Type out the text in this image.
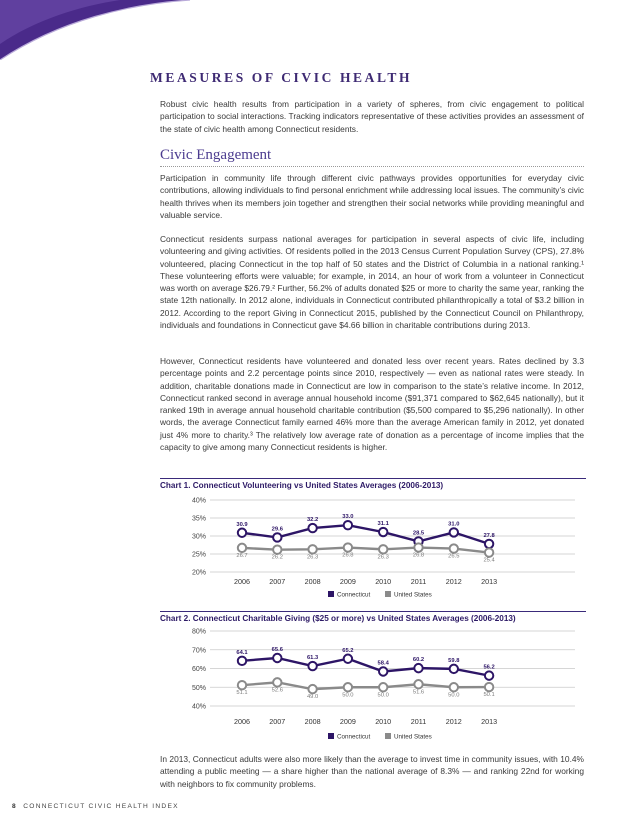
MEASURES OF CIVIC HEALTH

Robust civic health results from participation in a variety of spheres, from civic engagement to political participation to social interactions. Tracking indicators representative of these activities provides an assessment of the state of civic health among Connecticut residents.

Civic Engagement

Participation in community life through different civic pathways provides opportunities for everyday civic contributions, allowing individuals to find personal enrichment while addressing local issues. The community’s civic health thrives when its members join together and strengthen their social networks while providing meaningful and valuable service.

Connecticut residents surpass national averages for participation in several aspects of civic life, including volunteering and giving activities. Of residents polled in the 2013 Census Current Population Survey (CPS), 27.8% volunteered, placing Connecticut in the top half of 50 states and the District of Columbia in a national ranking.¹ These volunteering efforts were valuable; for example, in 2014, an hour of work from a volunteer in Connecticut was worth on average $26.79.² Further, 56.2% of adults donated $25 or more to charity the same year, ranking the state 12th nationally. In 2012 alone, individuals in Connecticut contributed philanthropically a total of $3.2 billion in 2012. According to the report Giving in Connecticut 2015, published by the Connecticut Council on Philanthropy, individuals and foundations in Connecticut gave $4.66 billion in charitable contributions during 2013.

However, Connecticut residents have volunteered and donated less over recent years. Rates declined by 3.3 percentage points and 2.2 percentage points since 2010, respectively — even as national rates were steady. In addition, charitable donations made in Connecticut are low in comparison to the state’s relative income. In 2012, Connecticut ranked second in average annual household income ($91,371 compared to $62,645 nationally), but it ranked 19th in average annual household charitable contribution ($5,500 compared to $5,296 nationally). In other words, the average Connecticut family earned 46% more than the average American family in 2012, yet donated just 4% more to charity.³ The relatively low average rate of donation as a percentage of income implies that the capacity to give among many Connecticut residents is higher.

Chart 1. Connecticut Volunteering vs United States Averages (2006-2013)
20%
25%
30%
35%
40%
2006	2007	2008	2009	2010	2011	2012	2013
30.9
29.6
32.2	33.0
31.1
28.5
31.0
27.8
26.7	26.2	26.3	26.8	26.3	26.8	26.5
25.4
Connecticut	United States
Chart 2. Connecticut Charitable Giving ($25 or more) vs United States Averages (2006-2013)
40%
50%
60%
70%
80%
2006	2007	2008	2009	2010	2011	2012	2013
64.1	65.6
61.3
65.2
58.4
60.2	59.8
56.2
51.1	52.6
49.0	50.0	50.0	51.6	50.0	50.1
Connecticut	United States

In 2013, Connecticut adults were also more likely than the average to invest time in community issues, with 10.4% attending a public meeting — a share higher than the national average of 8.3% — and ranking 22nd for working with neighbors to fix community problems.

8 CONNECTICUT CIVIC HEALTH INDEX
